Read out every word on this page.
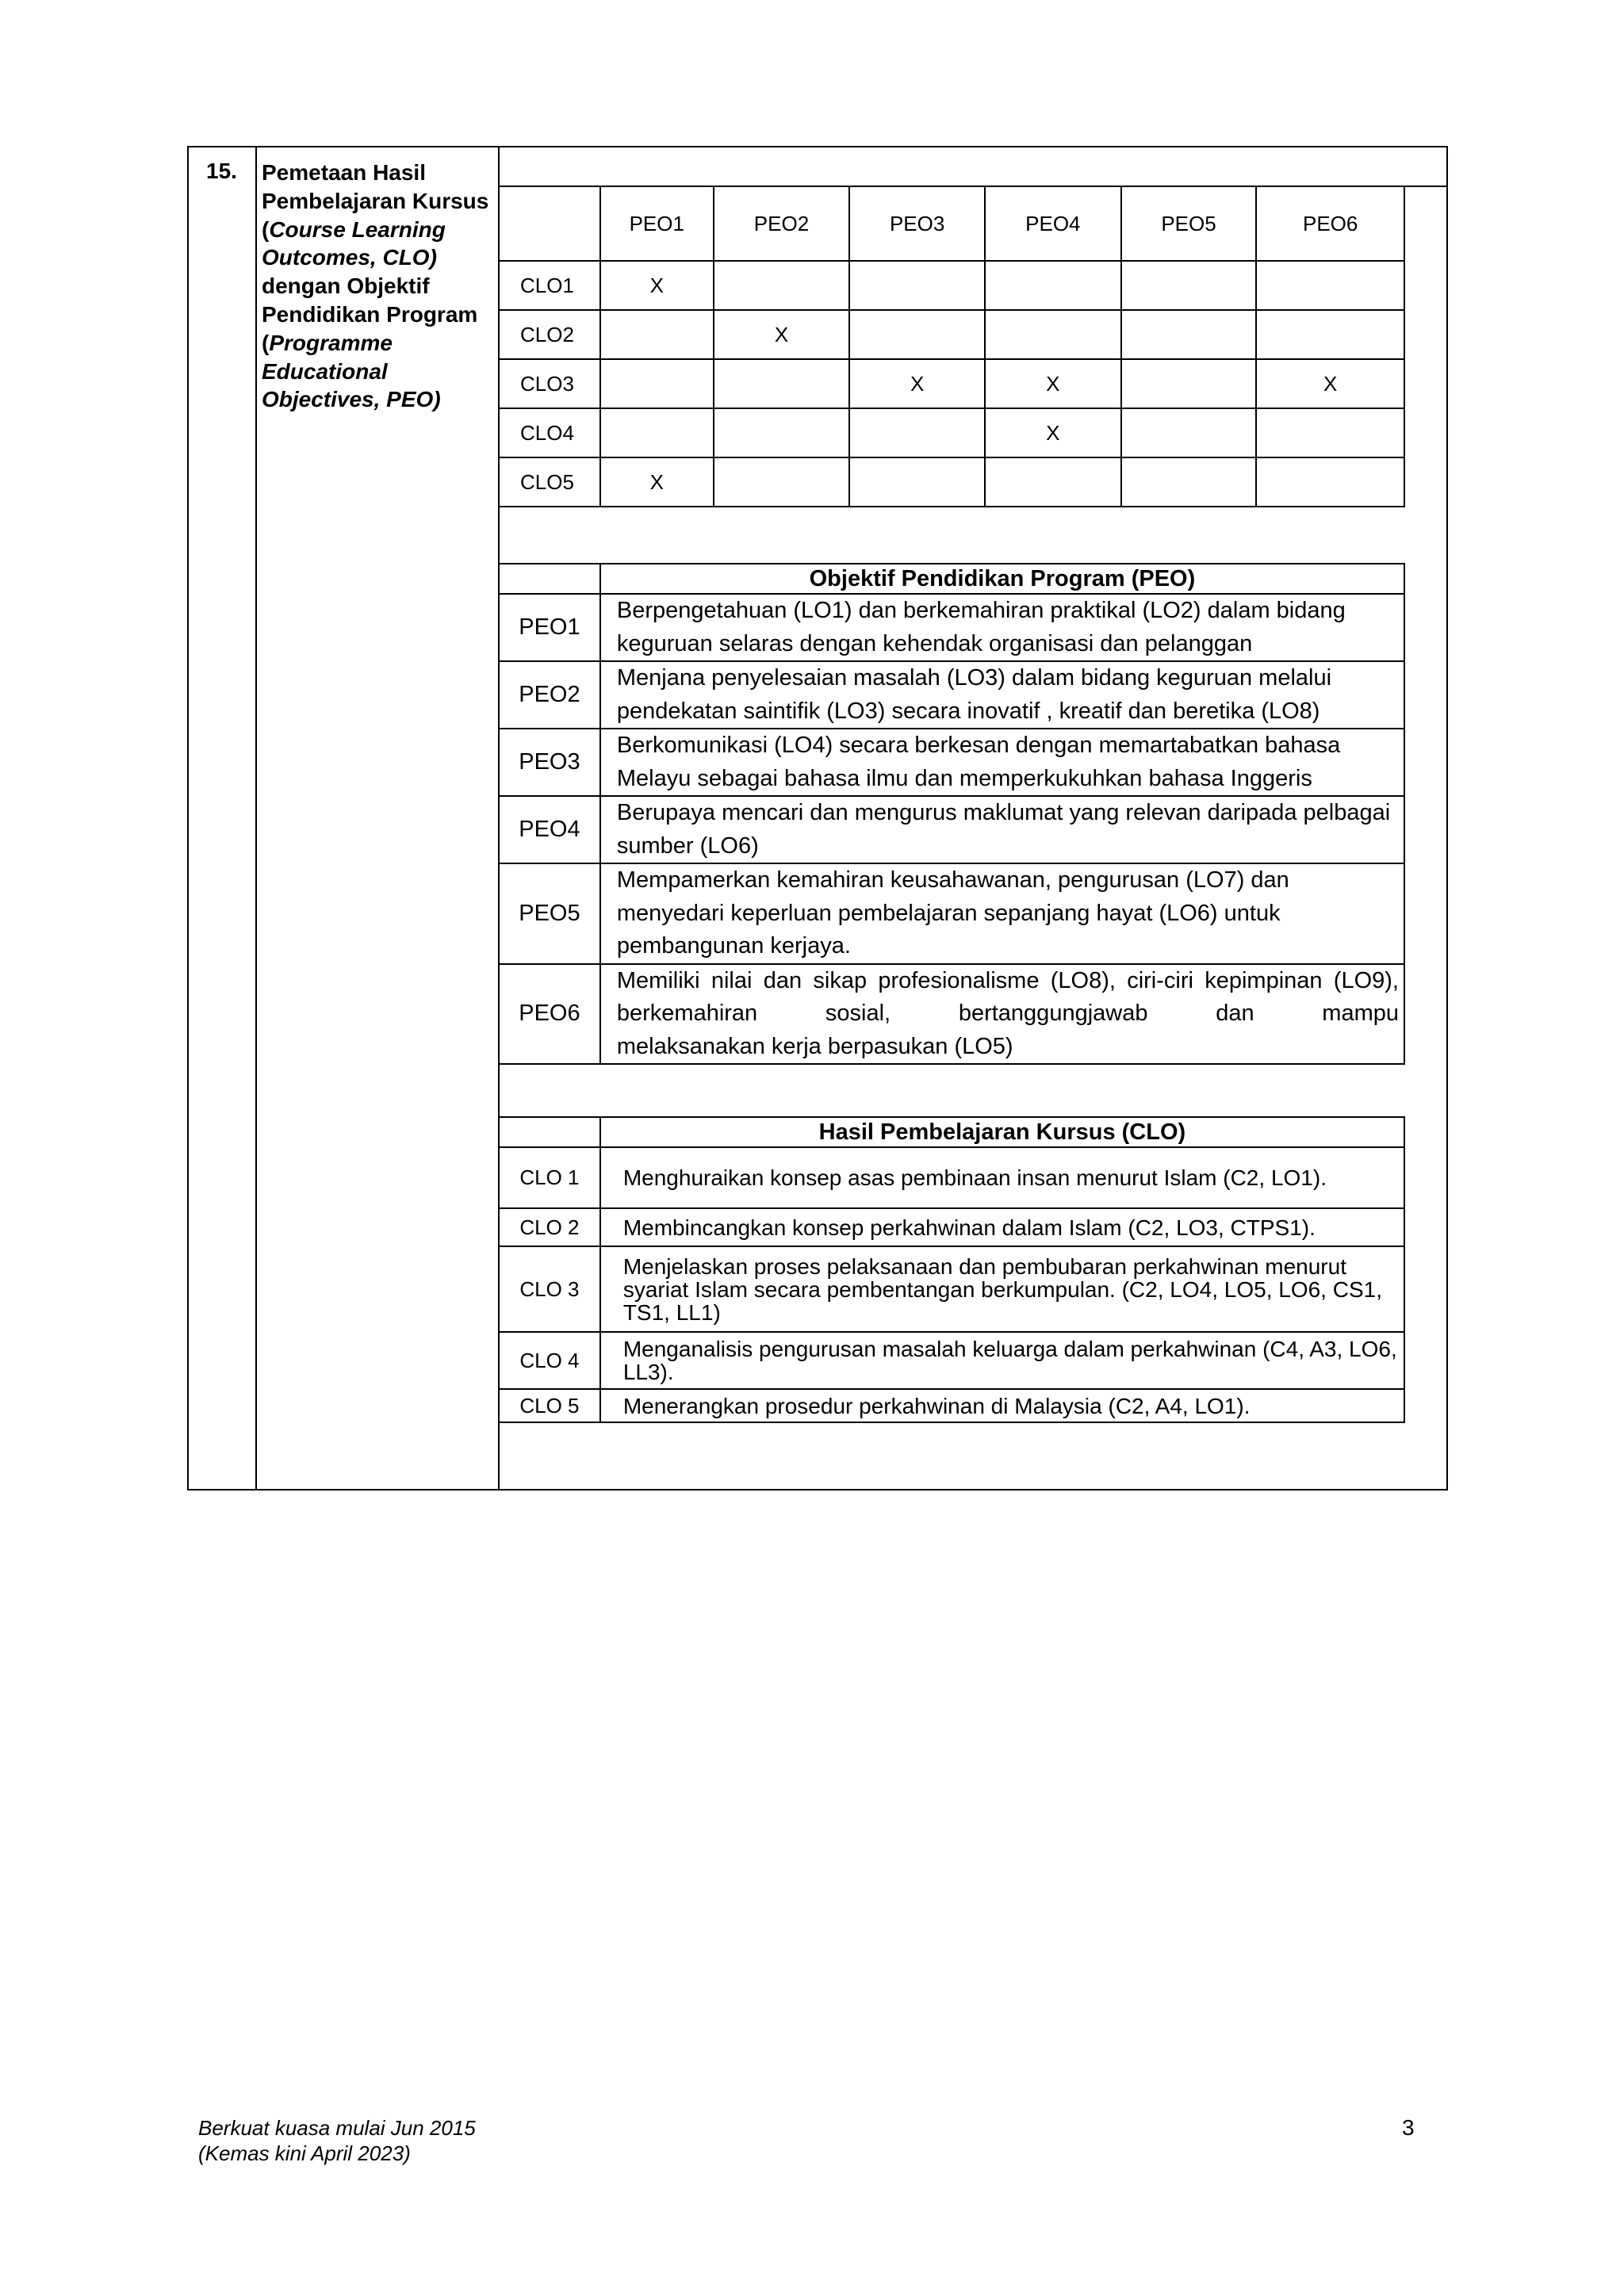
15. Pemetaan Hasil Pembelajaran Kursus (Course Learning Outcomes, CLO) dengan Objektif Pendidikan Program (Programme Educational Objectives, PEO)
	PEO1	PEO2	PEO3	PEO4	PEO5	PEO6
CLO1	X					
CLO2		X				
CLO3			X	X		X
CLO4				X		
CLO5	X					
	Objektif Pendidikan Program (PEO)
PEO1	Berpengetahuan (LO1) dan berkemahiran praktikal (LO2) dalam bidang keguruan selaras dengan kehendak organisasi dan pelanggan
PEO2	Menjana penyelesaian masalah (LO3) dalam bidang keguruan melalui pendekatan saintifik (LO3) secara inovatif , kreatif dan beretika (LO8)
PEO3	Berkomunikasi (LO4) secara berkesan dengan memartabatkan bahasa Melayu sebagai bahasa ilmu dan memperkukuhkan bahasa Inggeris
PEO4	Berupaya mencari dan mengurus maklumat yang relevan daripada pelbagai sumber (LO6)
PEO5	Mempamerkan kemahiran keusahawanan, pengurusan (LO7) dan menyedari keperluan pembelajaran sepanjang hayat (LO6) untuk pembangunan kerjaya.
PEO6	Memiliki nilai dan sikap profesionalisme (LO8), ciri-ciri kepimpinan (LO9), berkemahiran sosial, bertanggungjawab dan mampu
melaksanakan kerja berpasukan (LO5)
	Hasil Pembelajaran Kursus (CLO)
CLO 1	Menghuraikan konsep asas pembinaan insan menurut Islam (C2, LO1).
CLO 2	Membincangkan konsep perkahwinan dalam Islam (C2, LO3, CTPS1).
CLO 3	Menjelaskan proses pelaksanaan dan pembubaran perkahwinan menurut syariat Islam secara pembentangan berkumpulan. (C2, LO4, LO5, LO6, CS1, TS1, LL1)
CLO 4	Menganalisis pengurusan masalah keluarga dalam perkahwinan (C4, A3, LO6, LL3).
CLO 5	Menerangkan prosedur perkahwinan di Malaysia (C2, A4, LO1).
Berkuat kuasa mulai Jun 2015
(Kemas kini April 2023)
3
